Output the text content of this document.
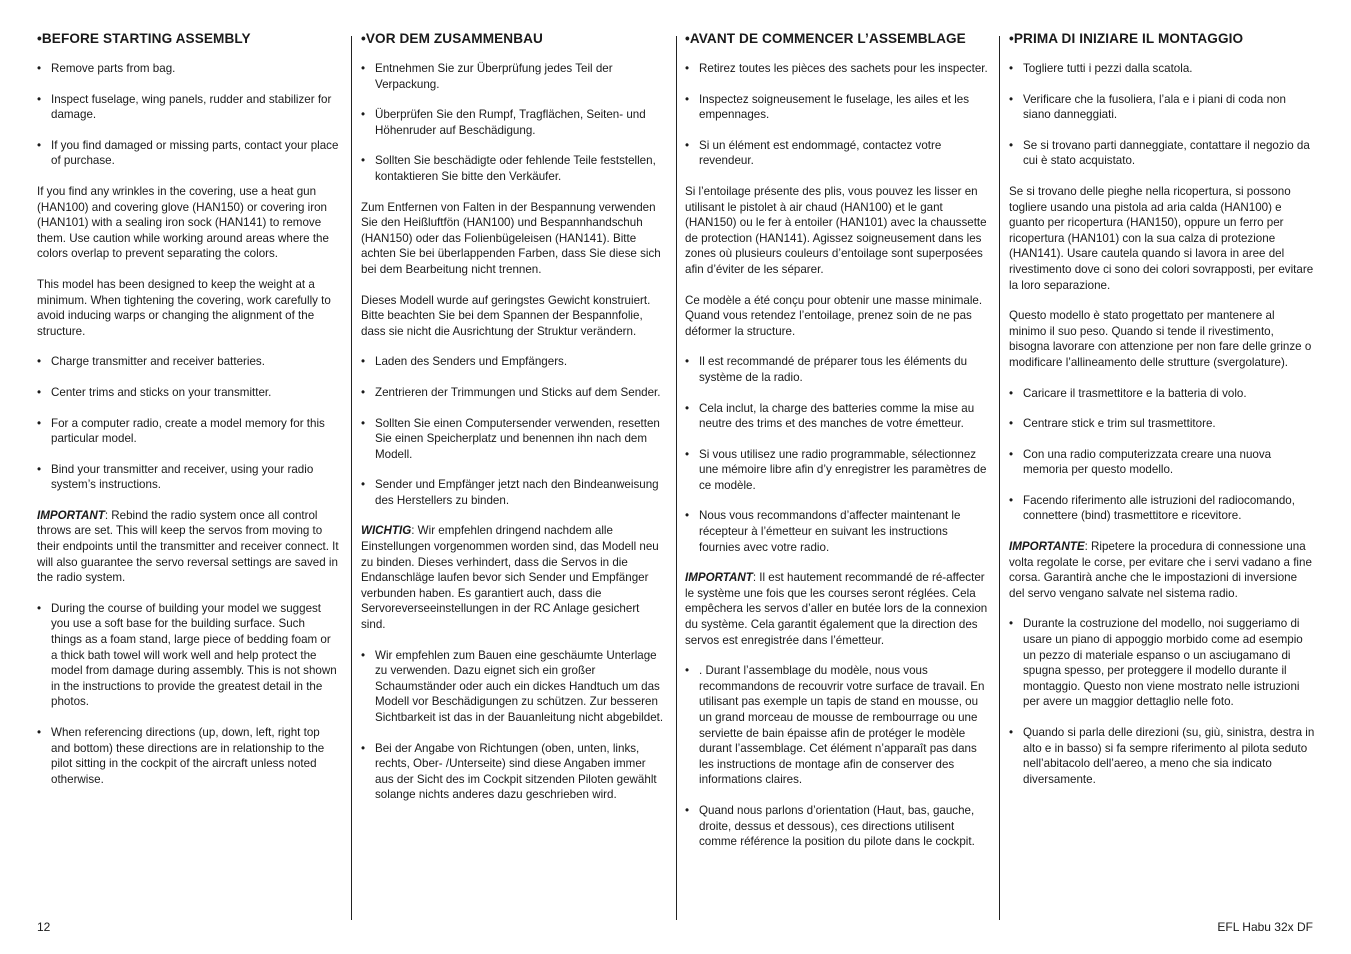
•BEFORE STARTING ASSEMBLY
• Remove parts from bag.
• Inspect fuselage, wing panels, rudder and stabilizer for damage.
• If you find damaged or missing parts, contact your place of purchase.

If you find any wrinkles in the covering, use a heat gun (HAN100) and covering glove (HAN150) or covering iron (HAN101) with a sealing iron sock (HAN141) to remove them. Use caution while working around areas where the colors overlap to prevent separating the colors.

This model has been designed to keep the weight at a minimum. When tightening the covering, work carefully to avoid inducing warps or changing the alignment of the structure.

• Charge transmitter and receiver batteries.
• Center trims and sticks on your transmitter.
• For a computer radio, create a model memory for this particular model.
• Bind your transmitter and receiver, using your radio system’s instructions.

IMPORTANT: Rebind the radio system once all control throws are set. This will keep the servos from moving to their endpoints until the transmitter and receiver connect. It will also guarantee the servo reversal settings are saved in the radio system.

• During the course of building your model we suggest you use a soft base for the building surface. Such things as a foam stand, large piece of bedding foam or a thick bath towel will work well and help protect the model from damage during assembly. This is not shown in the instructions to provide the greatest detail in the photos.
• When referencing directions (up, down, left, right top and bottom) these directions are in relationship to the pilot sitting in the cockpit of the aircraft unless noted otherwise.
•VOR DEM ZUSAMMENBAU
• Entnehmen Sie zur Überprüfung jedes Teil der Verpackung.
• Überprüfen Sie den Rumpf, Tragflächen, Seiten- und Höhenruder auf Beschädigung.
• Sollten Sie beschädigte oder fehlende Teile feststellen, kontaktieren Sie bitte den Verkäufer.

Zum Entfernen von Falten in der Bespannung verwenden Sie den Heißluftfön (HAN100) und Bespannhandschuh (HAN150) oder das Folienbügeleisen (HAN141). Bitte achten Sie bei überlappenden Farben, dass Sie diese sich bei dem Bearbeitung nicht trennen.

Dieses Modell wurde auf geringstes Gewicht konstruiert. Bitte beachten Sie bei dem Spannen der Bespannfolie, dass sie nicht die Ausrichtung der Struktur verändern.

• Laden des Senders und Empfängers.
• Zentrieren der Trimmungen und Sticks auf dem Sender.
• Sollten Sie einen Computersender verwenden, resetten Sie einen Speicherplatz und benennen ihn nach dem Modell.
• Sender und Empfänger jetzt nach den Bindeanweisung des Herstellers zu binden.

WICHTIG: Wir empfehlen dringend nachdem alle Einstellungen vorgenommen worden sind, das Modell neu zu binden. Dieses verhindert, dass die Servos in die Endanschläge laufen bevor sich Sender und Empfänger verbunden haben. Es garantiert auch, dass die Servoreverseeinstellungen in der RC Anlage gesichert sind.

• Wir empfehlen zum Bauen eine geschäumte Unterlage zu verwenden. Dazu eignet sich ein großer Schaumständer oder auch ein dickes Handtuch um das Modell vor Beschädigungen zu schützen. Zur besseren Sichtbarkeit ist das in der Bauanleitung nicht abgebildet.
• Bei der Angabe von Richtungen (oben, unten, links, rechts, Ober- /Unterseite) sind diese Angaben immer aus der Sicht des im Cockpit sitzenden Piloten gewählt solange nichts anderes dazu geschrieben wird.
•AVANT DE COMMENCER L’ASSEMBLAGE
• Retirez toutes les pièces des sachets pour les inspecter.
• Inspectez soigneusement le fuselage, les ailes et les empennages.
• Si un élément est endommagé, contactez votre revendeur.

Si l’entoilage présente des plis, vous pouvez les lisser en utilisant le pistolet à air chaud (HAN100) et le gant (HAN150) ou le fer à entoiler (HAN101) avec la chaussette de protection (HAN141). Agissez soigneusement dans les zones où plusieurs couleurs d’entoilage sont superposées afin d’éviter de les séparer.

Ce modèle a été conçu pour obtenir une masse minimale. Quand vous retendez l’entoilage, prenez soin de ne pas déformer la structure.

• Il est recommandé de préparer tous les éléments du système de la radio.
• Cela inclut, la charge des batteries comme la mise au neutre des trims et des manches de votre émetteur.
• Si vous utilisez une radio programmable, sélectionnez une mémoire libre afin d’y enregistrer les paramètres de ce modèle.
• Nous vous recommandons d’affecter maintenant le récepteur à l’émetteur en suivant les instructions fournies avec votre radio.

IMPORTANT: Il est hautement recommandé de ré-affecter le système une fois que les courses seront réglées. Cela empêchera les servos d’aller en butée lors de la connexion du système. Cela garantit également que la direction des servos est enregistrée dans l’émetteur.

• . Durant l’assemblage du modèle, nous vous recommandons de recouvrir votre surface de travail. En utilisant pas exemple un tapis de stand en mousse, ou un grand morceau de mousse de rembourrage ou une serviette de bain épaisse afin de protéger le modèle durant l’assemblage. Cet élément n’apparaît pas dans les instructions de montage afin de conserver des informations claires.
• Quand nous parlons d’orientation (Haut, bas, gauche, droite, dessus et dessous), ces directions utilisent comme référence la position du pilote dans le cockpit.
•PRIMA DI INIZIARE IL MONTAGGIO
• Togliere tutti i pezzi dalla scatola.
• Verificare che la fusoliera, l’ala e i piani di coda non siano danneggiati.
• Se si trovano parti danneggiate, contattare il negozio da cui è stato acquistato.

Se si trovano delle pieghe nella ricopertura, si possono togliere usando una pistola ad aria calda (HAN100) e guanto per ricopertura (HAN150), oppure un ferro per ricopertura (HAN101) con la sua calza di protezione (HAN141). Usare cautela quando si lavora in aree del rivestimento dove ci sono dei colori sovrapposti, per evitare la loro separazione.

Questo modello è stato progettato per mantenere al minimo il suo peso. Quando si tende il rivestimento, bisogna lavorare con attenzione per non fare delle grinze o modificare l’allineamento delle strutture (svergolature).

• Caricare il trasmettitore e la batteria di volo.
• Centrare stick e trim sul trasmettitore.
• Con una radio computerizzata creare una nuova memoria per questo modello.
• Facendo riferimento alle istruzioni del radiocomando, connettere (bind) trasmettitore e ricevitore.

IMPORTANTE: Ripetere la procedura di connessione una volta regolate le corse, per evitare che i servi vadano a fine corsa. Garantirà anche che le impostazioni di inversione del servo vengano salvate nel sistema radio.

• Durante la costruzione del modello, noi suggeriamo di usare un piano di appoggio morbido come ad esempio un pezzo di materiale espanso o un asciugamano di spugna spesso, per proteggere il modello durante il montaggio. Questo non viene mostrato nelle istruzioni per avere un maggior dettaglio nelle foto.
• Quando si parla delle direzioni (su, giù, sinistra, destra in alto e in basso) si fa sempre riferimento al pilota seduto nell’abitacolo dell’aereo, a meno che sia indicato diversamente.
12	EFL Habu 32x DF
